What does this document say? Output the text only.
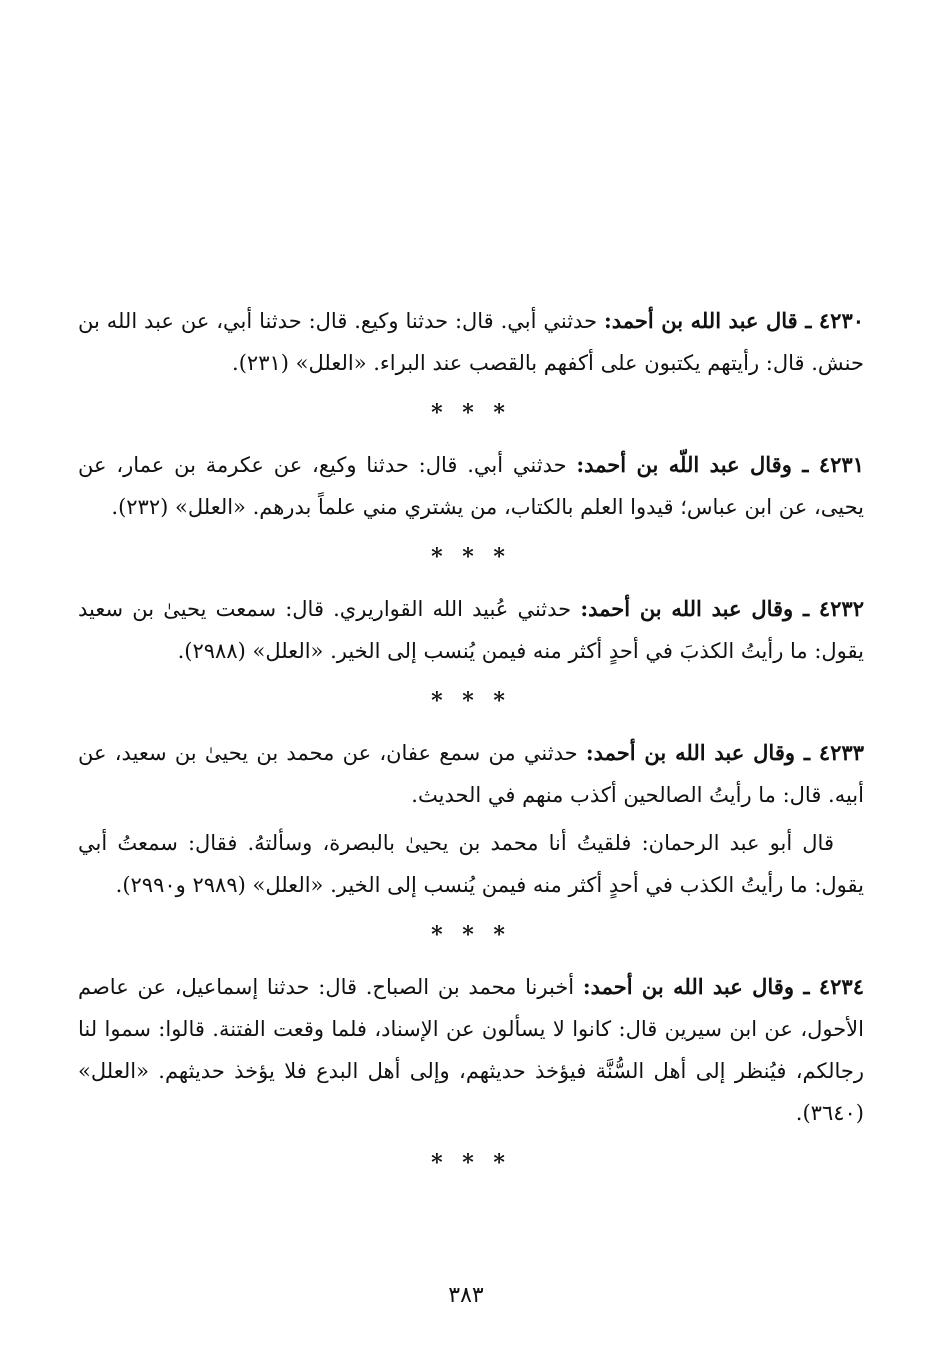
٤٢٣٠ ـ قال عبد الله بن أحمد: حدثني أبي. قال: حدثنا وكيع. قال: حدثنا أبي، عن عبد الله بن حنش. قال: رأيتهم يكتبون على أكفهم بالقصب عند البراء. «العلل» (٢٣١).

* * *

٤٢٣١ ـ وقال عبد اللّه بن أحمد: حدثني أبي. قال: حدثنا وكيع، عن عكرمة بن عمار، عن يحيى، عن ابن عباس؛ قيدوا العلم بالكتاب، من يشتري مني علماً بدرهم. «العلل» (٢٣٢).

* * *

٤٢٣٢ ـ وقال عبد الله بن أحمد: حدثني عُبيد الله القواريري. قال: سمعت يحيىٰ بن سعيد يقول: ما رأيتُ الكذبَ في أحدٍ أكثر منه فيمن يُنسب إلى الخير. «العلل» (٢٩٨٨).

* * *

٤٢٣٣ ـ وقال عبد الله بن أحمد: حدثني من سمع عفان، عن محمد بن يحيىٰ بن سعيد، عن أبيه. قال: ما رأيتُ الصالحين أكذب منهم في الحديث.

قال أبو عبد الرحمان: فلقيتُ أنا محمد بن يحيىٰ بالبصرة، وسألتهُ. فقال: سمعتُ أبي يقول: ما رأيتُ الكذب في أحدٍ أكثر منه فيمن يُنسب إلى الخير. «العلل» (٢٩٨٩ و٢٩٩٠).

* * *

٤٢٣٤ ـ وقال عبد الله بن أحمد: أخبرنا محمد بن الصباح. قال: حدثنا إسماعيل، عن عاصم الأحول، عن ابن سيرين قال: كانوا لا يسألون عن الإسناد، فلما وقعت الفتنة. قالوا: سموا لنا رجالكم، فيُنظر إلى أهل السُّنَّة فيؤخذ حديثهم، وإلى أهل البدع فلا يؤخذ حديثهم. «العلل» (٣٦٤٠).

* * *
٣٨٣
